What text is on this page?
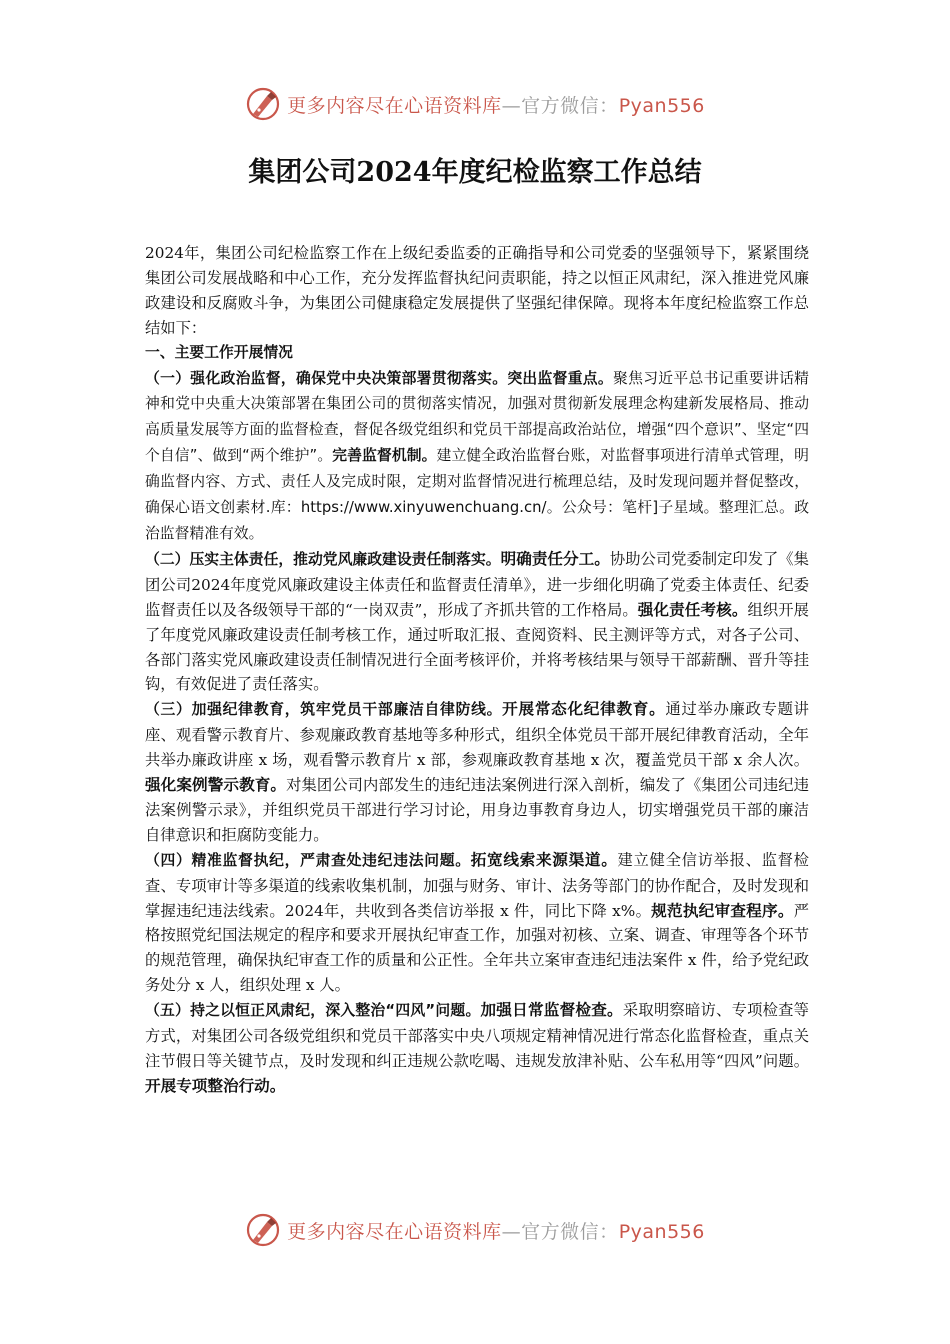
更多内容尽在心语资料库—官方微信：Pyan556
集团公司2024年度纪检监察工作总结

2024年，集团公司纪检监察工作在上级纪委监委的正确指导和公司党委的坚强领导下，紧紧围绕集团公司发展战略和中心工作，充分发挥监督执纪问责职能，持之以恒正风肃纪，深入推进党风廉政建设和反腐败斗争，为集团公司健康稳定发展提供了坚强纪律保障。现将本年度纪检监察工作总结如下：

一、主要工作开展情况

（一）强化政治监督，确保党中央决策部署贯彻落实。突出监督重点。聚焦习近平总书记重要讲话精神和党中央重大决策部署在集团公司的贯彻落实情况，加强对贯彻新发展理念构建新发展格局、推动高质量发展等方面的监督检查，督促各级党组织和党员干部提高政治站位，增强“四个意识”、坚定“四个自信”、做到“两个维护”。完善监督机制。建立健全政治监督台账，对监督事项进行清单式管理，明确监督内容、方式、责任人及完成时限，定期对监督情况进行梳理总结，及时发现问题并督促整改，确保心语文创素材.库：https://www.xinyuwenchuang.cn/。公众号：笔杆]子星域。整理汇总。政治监督精准有效。

（二）压实主体责任，推动党风廉政建设责任制落实。明确责任分工。协助公司党委制定印发了《集团公司2024年度党风廉政建设主体责任和监督责任清单》，进一步细化明确了党委主体责任、纪委监督责任以及各级领导干部的“一岗双责”，形成了齐抓共管的工作格局。强化责任考核。组织开展了年度党风廉政建设责任制考核工作，通过听取汇报、查阅资料、民主测评等方式，对各子公司、各部门落实党风廉政建设责任制情况进行全面考核评价，并将考核结果与领导干部薪酬、晋升等挂钩，有效促进了责任落实。

（三）加强纪律教育，筑牢党员干部廉洁自律防线。开展常态化纪律教育。通过举办廉政专题讲座、观看警示教育片、参观廉政教育基地等多种形式，组织全体党员干部开展纪律教育活动，全年共举办廉政讲座 x 场，观看警示教育片 x 部，参观廉政教育基地 x 次，覆盖党员干部 x 余人次。强化案例警示教育。对集团公司内部发生的违纪违法案例进行深入剖析，编发了《集团公司违纪违法案例警示录》，并组织党员干部进行学习讨论，用身边事教育身边人，切实增强党员干部的廉洁自律意识和拒腐防变能力。

（四）精准监督执纪，严肃查处违纪违法问题。拓宽线索来源渠道。建立健全信访举报、监督检查、专项审计等多渠道的线索收集机制，加强与财务、审计、法务等部门的协作配合，及时发现和掌握违纪违法线索。2024年，共收到各类信访举报 x 件，同比下降 x%。规范执纪审查程序。严格按照党纪国法规定的程序和要求开展执纪审查工作，加强对初核、立案、调查、审理等各个环节的规范管理，确保执纪审查工作的质量和公正性。全年共立案审查违纪违法案件 x 件，给予党纪政务处分 x 人，组织处理 x 人。

（五）持之以恒正风肃纪，深入整治“四风”问题。加强日常监督检查。采取明察暗访、专项检查等方式，对集团公司各级党组织和党员干部落实中央八项规定精神情况进行常态化监督检查，重点关注节假日等关键节点，及时发现和纠正违规公款吃喝、违规发放津补贴、公车私用等“四风”问题。开展专项整治行动。

更多内容尽在心语资料库—官方微信：Pyan556
